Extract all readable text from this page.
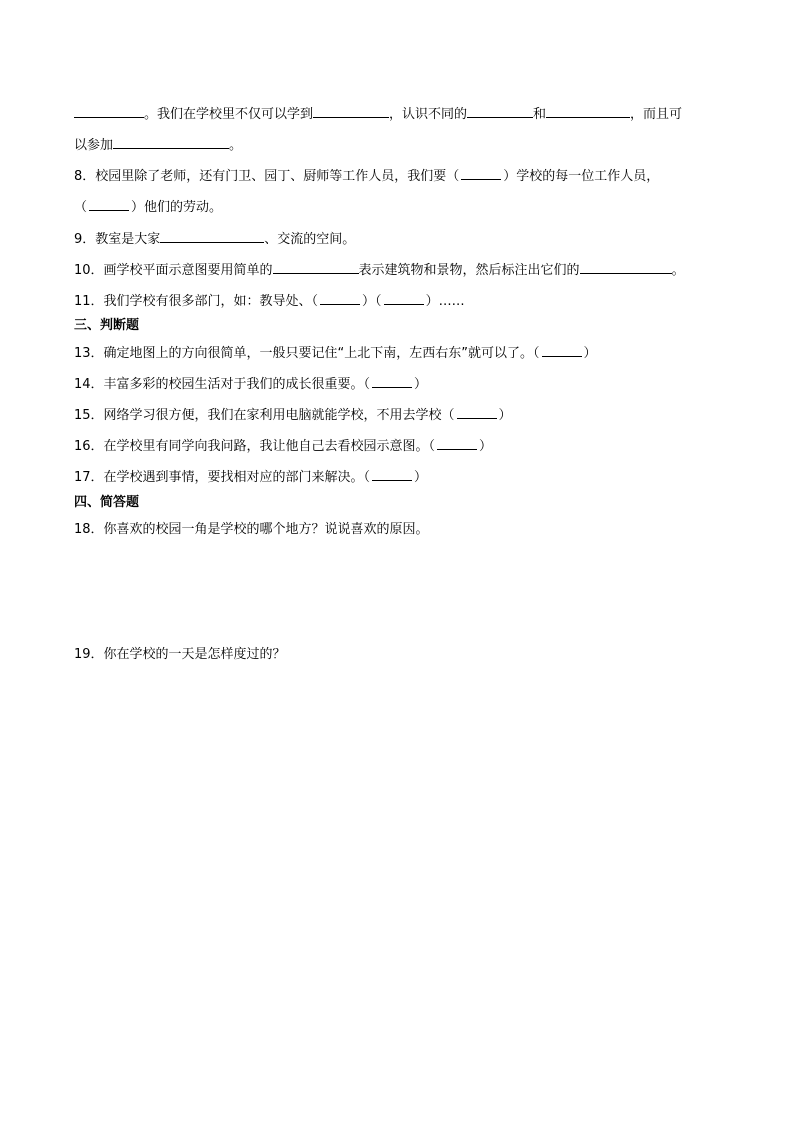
。我们在学校里不仅可以学到	，认识不同的	和	，而且可
以参加	。
8．校园里除了老师，还有门卫、园丁、厨师等工作人员，我们要（	）学校的每一位工作人员，
（	）他们的劳动。
9．教室是大家	、交流的空间。
10．画学校平面示意图要用简单的	表示建筑物和景物，然后标注出它们的	。
11．我们学校有很多部门，如：教导处、（	）（	）……
三、判断题
13．确定地图上的方向很简单，一般只要记住“上北下南，左西右东”就可以了。（	）
14．丰富多彩的校园生活对于我们的成长很重要。（	）
15．网络学习很方便，我们在家利用电脑就能学校，不用去学校（	）
16．在学校里有同学向我问路，我让他自己去看校园示意图。（	）
17．在学校遇到事情，要找相对应的部门来解决。（	）
四、简答题
18．你喜欢的校园一角是学校的哪个地方？说说喜欢的原因。
19．你在学校的一天是怎样度过的？
